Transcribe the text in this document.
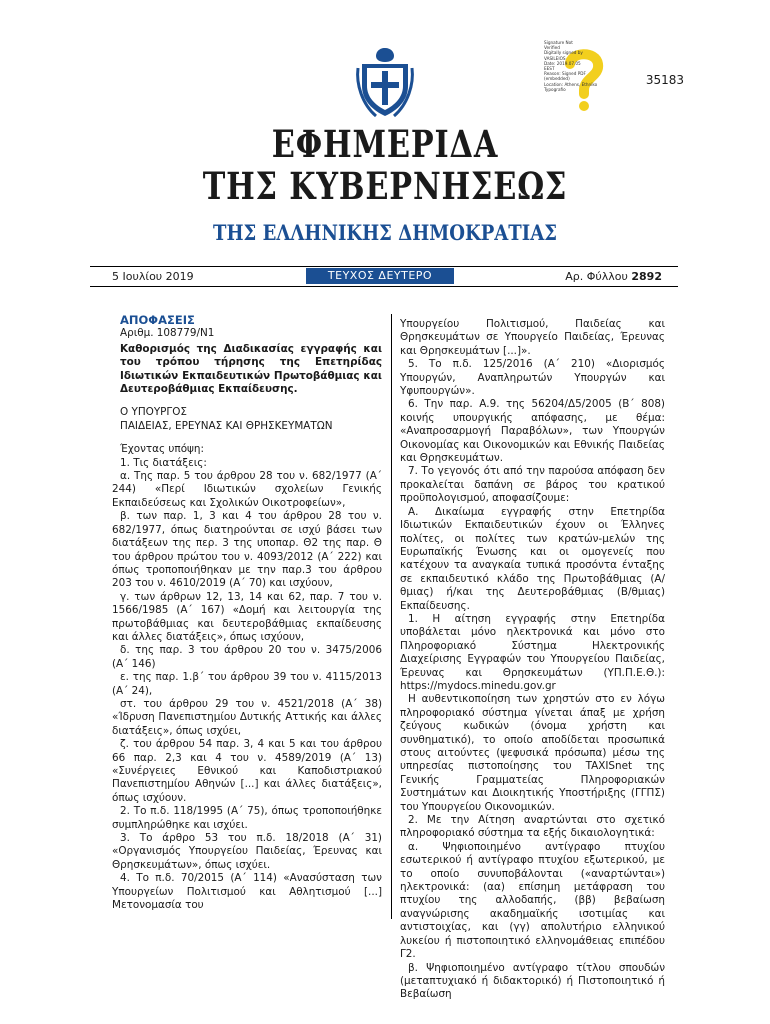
Signature Not
Verified
Digitally signed by
VASILEIOS
Date: 2019.07.05
EEST
Reason: Signed PDF
(embedded)
Location: Athens, Ethniko
Typografio
35183
ΕΦΗΜΕΡΙΔΑ
ΤΗΣ ΚΥΒΕΡΝΗΣΕΩΣ
ΤΗΣ ΕΛΛΗΝΙΚΗΣ ΔΗΜΟΚΡΑΤΙΑΣ
5 Ιουλίου 2019	ΤΕΥΧΟΣ ΔΕΥΤΕΡΟ	Αρ. Φύλλου 2892

ΑΠΟΦΑΣΕΙΣ

Αριθμ. 108779/Ν1

Καθορισμός της Διαδικασίας εγγραφής και του τρόπου τήρησης της Επετηρίδας Ιδιωτικών Εκπαιδευτικών Πρωτοβάθμιας και Δευτεροβάθμιας Εκπαίδευσης.

Ο ΥΠΟΥΡΓΟΣ
ΠΑΙΔΕΙΑΣ, ΕΡΕΥΝΑΣ ΚΑΙ ΘΡΗΣΚΕΥΜΑΤΩΝ

Έχοντας υπόψη:

1. Τις διατάξεις:

α. Της παρ. 5 του άρθρου 28 του ν. 682/1977 (Α΄ 244) «Περί Ιδιωτικών σχολείων Γενικής Εκπαιδεύσεως και Σχολικών Οικοτροφείων»,

β. των παρ. 1, 3 και 4 του άρθρου 28 του ν. 682/1977, όπως διατηρούνται σε ισχύ βάσει των διατάξεων της περ. 3 της υποπαρ. Θ2 της παρ. Θ του άρθρου πρώτου του ν. 4093/2012 (Α΄ 222) και όπως τροποποιήθηκαν με την παρ.3 του άρθρου 203 του ν. 4610/2019 (Α΄ 70) και ισχύουν,

γ. των άρθρων 12, 13, 14 και 62, παρ. 7 του ν. 1566/1985 (Α΄ 167) «Δομή και λειτουργία της πρωτοβάθμιας και δευτεροβάθμιας εκπαίδευσης και άλλες διατάξεις», όπως ισχύουν,

δ. της παρ. 3 του άρθρου 20 του ν. 3475/2006 (Α΄ 146)

ε. της παρ. 1.β΄ του άρθρου 39 του ν. 4115/2013 (Α΄ 24),

στ. του άρθρου 29 του ν. 4521/2018 (Α΄ 38) «Ίδρυση Πανεπιστημίου Δυτικής Αττικής και άλλες διατάξεις», όπως ισχύει,

ζ. του άρθρου 54 παρ. 3, 4 και 5 και του άρθρου 66 παρ. 2,3 και 4 του ν. 4589/2019 (Α΄ 13) «Συνέργειες Εθνικού και Καποδιστριακού Πανεπιστημίου Αθηνών [...] και άλλες διατάξεις», όπως ισχύουν.

2. Το π.δ. 118/1995 (Α΄ 75), όπως τροποποιήθηκε συμπληρώθηκε και ισχύει.

3. Το άρθρο 53 του π.δ. 18/2018 (Α΄ 31) «Οργανισμός Υπουργείου Παιδείας, Έρευνας και Θρησκευμάτων», όπως ισχύει.

4. Το π.δ. 70/2015 (Α΄ 114) «Ανασύσταση των Υπουργείων Πολιτισμού και Αθλητισμού [...] Μετονομασία του

Υπουργείου Πολιτισμού, Παιδείας και Θρησκευμάτων σε Υπουργείο Παιδείας, Έρευνας και Θρησκευμάτων [...]».

5. Το π.δ. 125/2016 (Α΄ 210) «Διορισμός Υπουργών, Αναπληρωτών Υπουργών και Υφυπουργών».

6. Την παρ. Α.9. της 56204/Δ5/2005 (Β΄ 808) κοινής υπουργικής απόφασης, με θέμα: «Αναπροσαρμογή Παραβόλων», των Υπουργών Οικονομίας και Οικονομικών και Εθνικής Παιδείας και Θρησκευμάτων.

7. Το γεγονός ότι από την παρούσα απόφαση δεν προκαλείται δαπάνη σε βάρος του κρατικού προϋπολογισμού, αποφασίζουμε:

Α. Δικαίωμα εγγραφής στην Επετηρίδα Ιδιωτικών Εκπαιδευτικών έχουν οι Έλληνες πολίτες, οι πολίτες των κρατών-μελών της Ευρωπαϊκής Ένωσης και οι ομογενείς που κατέχουν τα αναγκαία τυπικά προσόντα ένταξης σε εκπαιδευτικό κλάδο της Πρωτοβάθμιας (Α/θμιας) ή/και της Δευτεροβάθμιας (Β/θμιας) Εκπαίδευσης.

1. Η αίτηση εγγραφής στην Επετηρίδα υποβάλεται μόνο ηλεκτρονικά και μόνο στο Πληροφοριακό Σύστημα Ηλεκτρονικής Διαχείρισης Εγγραφών του Υπουργείου Παιδείας, Έρευνας και Θρησκευμάτων (ΥΠ.Π.Ε.Θ.): https://mydocs.minedu.gov.gr

Η αυθεντικοποίηση των χρηστών στο εν λόγω πληροφοριακό σύστημα γίνεται άπαξ με χρήση ζεύγους κωδικών (όνομα χρήστη και συνθηματικό), το οποίο αποδίδεται προσωπικά στους αιτούντες (ψεφυσικά πρόσωπα) μέσω της υπηρεσίας πιστοποίησης του TAXISnet της Γενικής Γραμματείας Πληροφοριακών Συστημάτων και Διοικητικής Υποστήριξης (ΓΓΠΣ) του Υπουργείου Οικονομικών.

2. Με την Αίτηση αναρτώνται στο σχετικό πληροφοριακό σύστημα τα εξής δικαιολογητικά:

α. Ψηφιοποιημένο αντίγραφο πτυχίου εσωτερικού ή αντίγραφο πτυχίου εξωτερικού, με το οποίο συνυποβάλονται («αναρτώνται») ηλεκτρονικά: (αα) επίσημη μετάφραση του πτυχίου της αλλοδαπής, (ββ) βεβαίωση αναγνώρισης ακαδημαϊκής ισοτιμίας και αντιστοιχίας, και (γγ) απολυτήριο ελληνικού λυκείου ή πιστοποιητικό ελληνομάθειας επιπέδου Γ2.

β. Ψηφιοποιημένο αντίγραφο τίτλου σπουδών (μεταπτυχιακό ή διδακτορικό) ή Πιστοποιητικό ή Βεβαίωση
